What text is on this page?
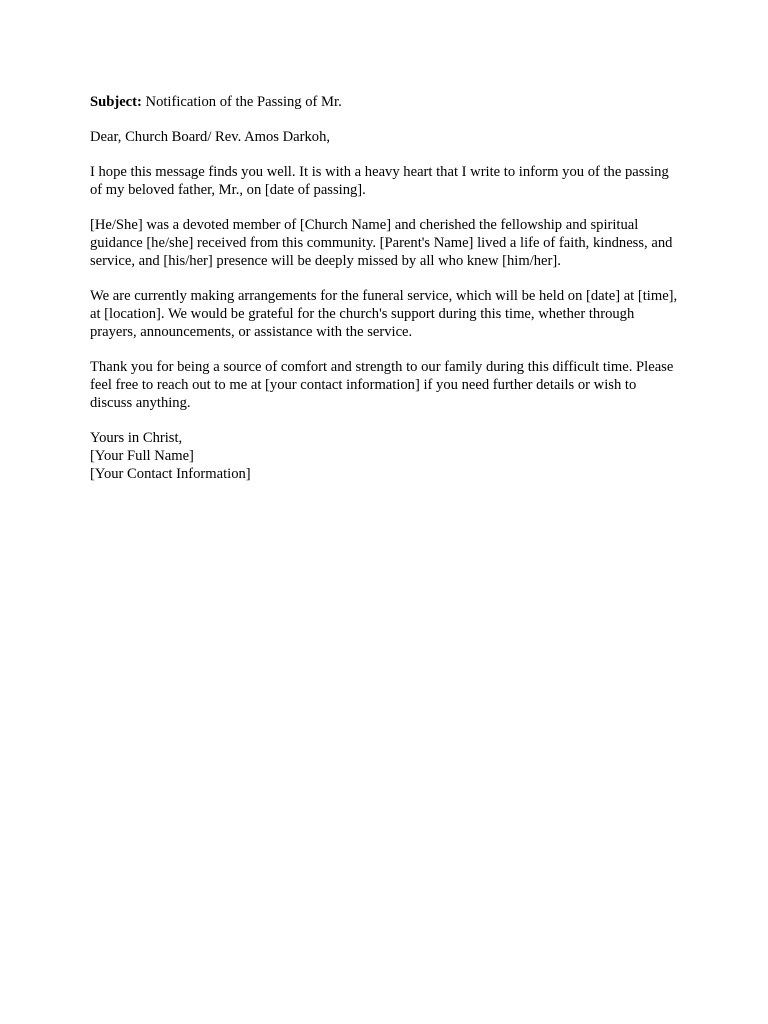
Subject: Notification of the Passing of Mr.

Dear, Church Board/ Rev. Amos Darkoh,

I hope this message finds you well. It is with a heavy heart that I write to inform you of the passing of my beloved father, Mr., on [date of passing].

[He/She] was a devoted member of [Church Name] and cherished the fellowship and spiritual guidance [he/she] received from this community. [Parent's Name] lived a life of faith, kindness, and service, and [his/her] presence will be deeply missed by all who knew [him/her].

We are currently making arrangements for the funeral service, which will be held on [date] at [time], at [location]. We would be grateful for the church's support during this time, whether through prayers, announcements, or assistance with the service.

Thank you for being a source of comfort and strength to our family during this difficult time. Please feel free to reach out to me at [your contact information] if you need further details or wish to discuss anything.

Yours in Christ,
[Your Full Name]
[Your Contact Information]
